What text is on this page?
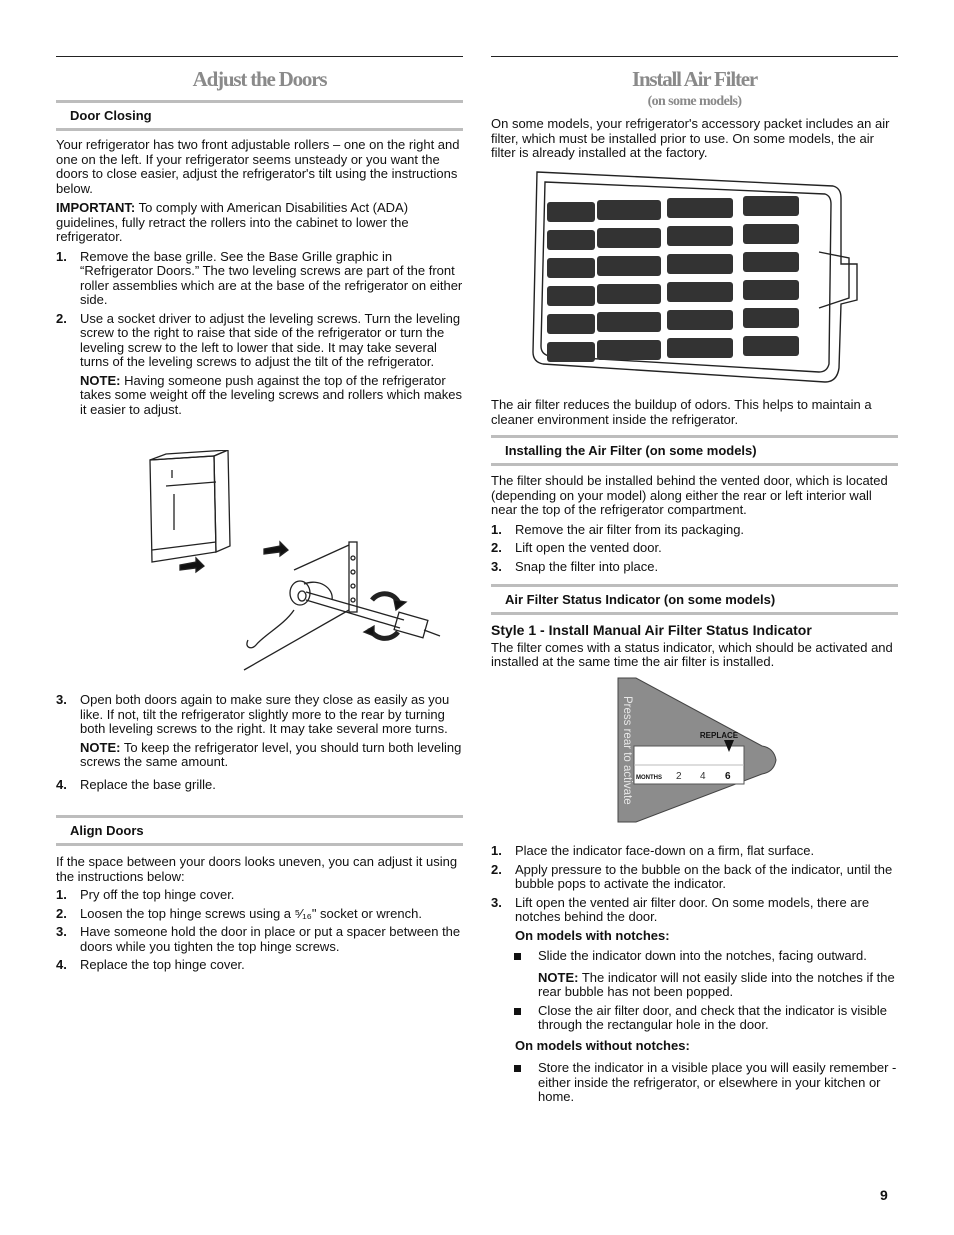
Adjust the Doors
Door Closing

Your refrigerator has two front adjustable rollers – one on the right and one on the left. If your refrigerator seems unsteady or you want the doors to close easier, adjust the refrigerator's tilt using the instructions below.

IMPORTANT: To comply with American Disabilities Act (ADA) guidelines, fully retract the rollers into the cabinet to lower the refrigerator.

1. Remove the base grille. See the Base Grille graphic in “Refrigerator Doors.” The two leveling screws are part of the front roller assemblies which are at the base of the refrigerator on either side.
2. Use a socket driver to adjust the leveling screws. Turn the leveling screw to the right to raise that side of the refrigerator or turn the leveling screw to the left to lower that side. It may take several turns of the leveling screws to adjust the tilt of the refrigerator.

NOTE: Having someone push against the top of the refrigerator takes some weight off the leveling screws and rollers which makes it easier to adjust.

3. Open both doors again to make sure they close as easily as you like. If not, tilt the refrigerator slightly more to the rear by turning both leveling screws to the right. It may take several more turns.

NOTE: To keep the refrigerator level, you should turn both leveling screws the same amount.

4. Replace the base grille.
Align Doors

If the space between your doors looks uneven, you can adjust it using the instructions below:

1. Pry off the top hinge cover.
2. Loosen the top hinge screws using a ⁵⁄₁₆" socket or wrench.
3. Have someone hold the door in place or put a spacer between the doors while you tighten the top hinge screws.
4. Replace the top hinge cover.
Install Air Filter
(on some models)

On some models, your refrigerator's accessory packet includes an air filter, which must be installed prior to use. On some models, the air filter is already installed at the factory.

The air filter reduces the buildup of odors. This helps to maintain a cleaner environment inside the refrigerator.

Installing the Air Filter (on some models)

The filter should be installed behind the vented door, which is located (depending on your model) along either the rear or left interior wall near the top of the refrigerator compartment.

1. Remove the air filter from its packaging.
2. Lift open the vented door.
3. Snap the filter into place.
Air Filter Status Indicator (on some models)

Style 1 - Install Manual Air Filter Status Indicator

The filter comes with a status indicator, which should be activated and installed at the same time the air filter is installed.

REPLACE
MONTHS 2 4 6
Press rear to activate
1. Place the indicator face-down on a firm, flat surface.
2. Apply pressure to the bubble on the back of the indicator, until the bubble pops to activate the indicator.
3. Lift open the vented air filter door. On some models, there are notches behind the door.

On models with notches:

Slide the indicator down into the notches, facing outward.

NOTE: The indicator will not easily slide into the notches if the rear bubble has not been popped.

Close the air filter door, and check that the indicator is visible through the rectangular hole in the door.

On models without notches:

Store the indicator in a visible place you will easily remember - either inside the refrigerator, or elsewhere in your kitchen or home.
9
